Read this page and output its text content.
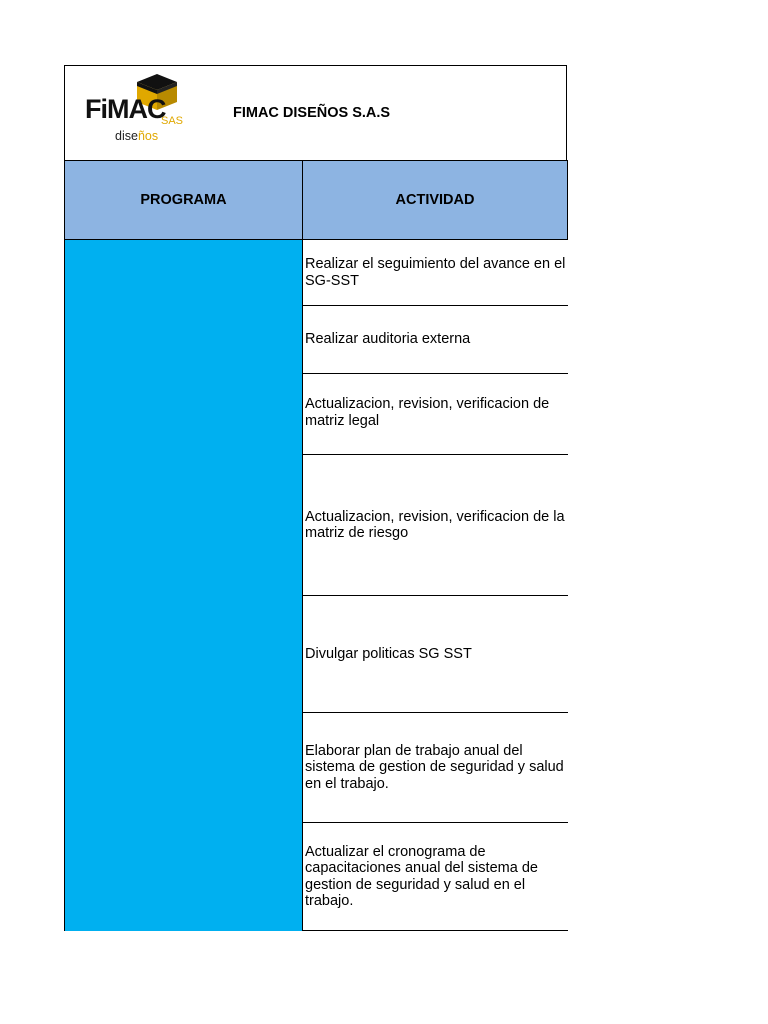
FiMAC
SAS
diseños
FIMAC DISEÑOS S.A.S
PROGRAMA	ACTIVIDAD
Realizar el seguimiento del avance en el SG-SST
Realizar auditoria externa
Actualizacion, revision, verificacion de matriz legal
Actualizacion, revision, verificacion de la matriz de riesgo
Divulgar politicas SG SST
Elaborar plan de trabajo anual del sistema de gestion de seguridad y salud en el trabajo.
Actualizar el cronograma de capacitaciones anual del sistema de gestion de seguridad y salud en el trabajo.
